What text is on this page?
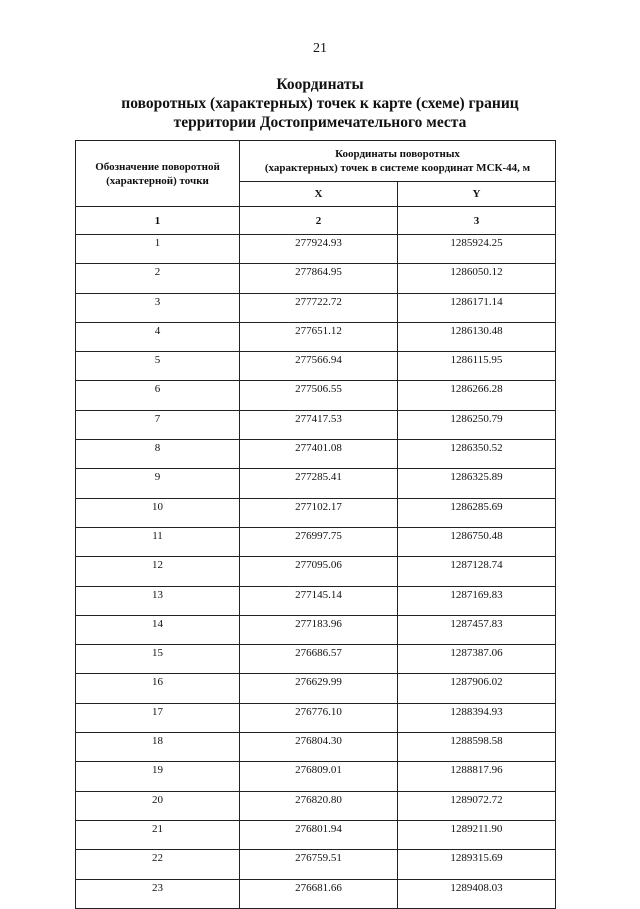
21
Координаты
поворотных (характерных) точек к карте (схеме) границ
территории Достопримечательного места
Обозначение поворотной (характерной) точки	Координаты поворотных
(характерных) точек в системе координат МСК-44, м	

	X	Y
1	2	3
1	277924.93	1285924.25
2	277864.95	1286050.12
3	277722.72	1286171.14
4	277651.12	1286130.48
5	277566.94	1286115.95
6	277506.55	1286266.28
7	277417.53	1286250.79
8	277401.08	1286350.52
9	277285.41	1286325.89
10	277102.17	1286285.69
11	276997.75	1286750.48
12	277095.06	1287128.74
13	277145.14	1287169.83
14	277183.96	1287457.83
15	276686.57	1287387.06
16	276629.99	1287906.02
17	276776.10	1288394.93
18	276804.30	1288598.58
19	276809.01	1288817.96
20	276820.80	1289072.72
21	276801.94	1289211.90
22	276759.51	1289315.69
23	276681.66	1289408.03
